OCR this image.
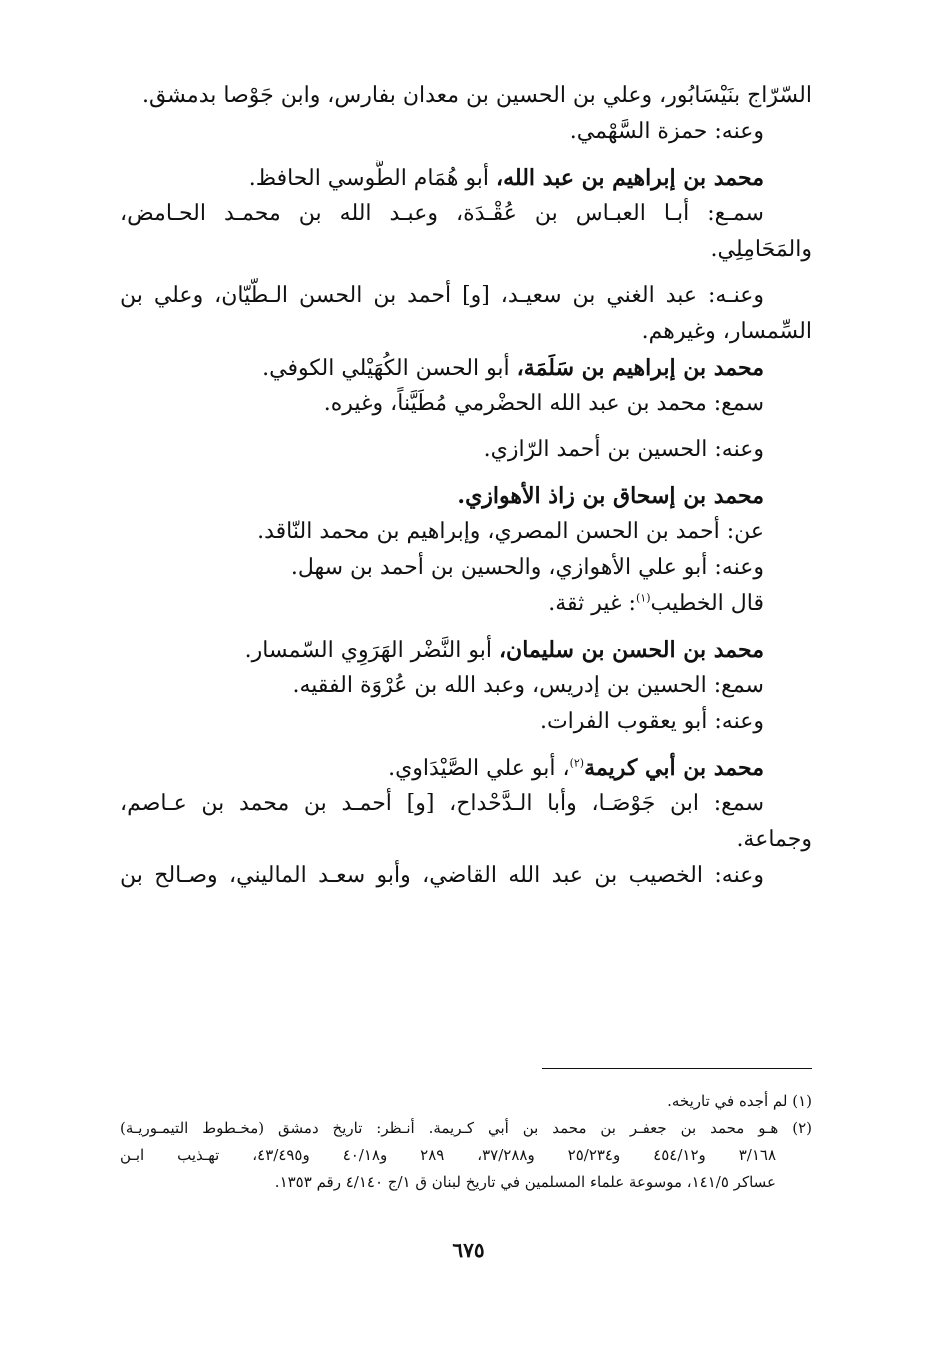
السّرّاج بنَيْسَابُور، وعلي بن الحسين بن معدان بفارس، وابن جَوْصا بدمشق.
وعنه: حمزة السَّهْمي.
محمد بن إبراهيم بن عبد الله، أبو هُمَام الطُّوسي الحافظ.
سمـع: أبـا العبـاس بن عُقْـدَة، وعبـد الله بن محمـد الحـامض،
والمَحَامِلِي.
وعنـه: عبد الغني بن سعيـد، [و] أحمد بن الحسن الـطّيّان، وعلي بن
السِّمسار، وغيرهم.
محمد بن إبراهيم بن سَلَمَة، أبو الحسن الكُهَيْلي الكوفي.
سمع: محمد بن عبد الله الحضْرمي مُطَيَّناً، وغيره.
وعنه: الحسين بن أحمد الرّازي.
محمد بن إسحاق بن زاذ الأهوازي.
عن: أحمد بن الحسن المصري، وإبراهيم بن محمد النّاقد.
وعنه: أبو علي الأهوازي، والحسين بن أحمد بن سهل.
قال الخطيب$^{(١)}$: غير ثقة.
محمد بن الحسن بن سليمان، أبو النَّضْر الهَرَوِي السّمسار.
سمع: الحسين بن إدريس، وعبد الله بن عُرْوَة الفقيه.
وعنه: أبو يعقوب الفرات.
محمد بن أبي كريمة$^{(٢)}$، أبو علي الصَّيْدَاوي.
سمع: ابن جَوْصَـا، وأبا الـدَّحْداح، [و] أحمـد بن محمد بن عـاصم،
وجماعة.
وعنه: الخصيب بن عبد الله القاضي، وأبو سعـد الماليني، وصـالح بن
(١) لم أجده في تاريخه.
(٢) هـو محمد بن جعفـر بن محمد بن أبي كـريمة. أنـظر: تاريخ دمشق (مخـطوط التيمـوريـة)
٣/١٦٨ و٤٥٤/١٢ و٢٥/٢٣٤ و٣٧/٢٨٨، ٢٨٩ و٤٠/١٨ و٤٣/٤٩٥، تهـذيب ابـن
عساكر ١٤١/٥، موسوعة علماء المسلمين في تاريخ لبنان ق ١/ج ٤/١٤٠ رقم ١٣٥٣.
٦٧٥
